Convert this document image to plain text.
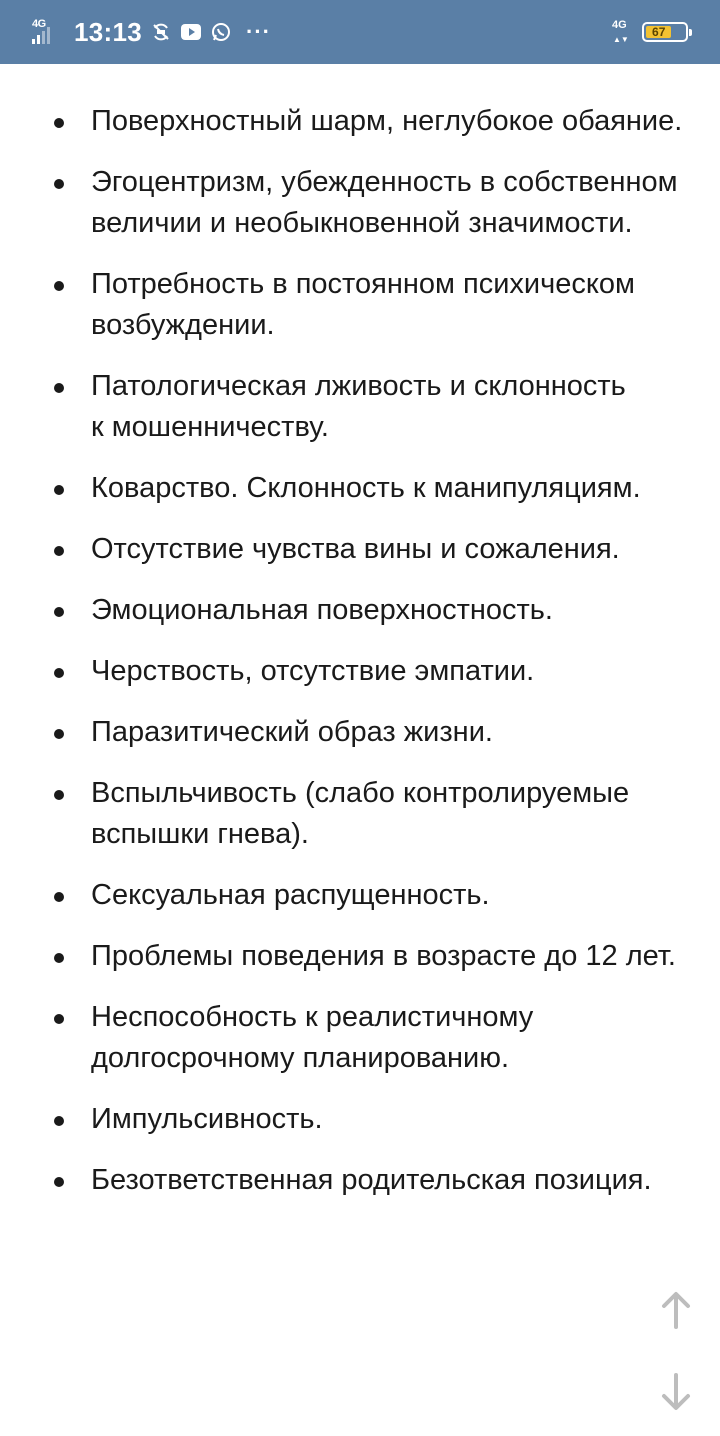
4G 13:13	···	4G
▲▼
67
Поверхностный шарм, неглубокое обаяние.
Эгоцентризм, убежденность в собственном величии и необыкновенной значимости.
Потребность в постоянном психическом возбуждении.
Патологическая лживость и склонность к мошенничеству.
Коварство. Склонность к манипуляциям.
Отсутствие чувства вины и сожаления.
Эмоциональная поверхностность.
Черствость, отсутствие эмпатии.
Паразитический образ жизни.
Вспыльчивость (слабо контролируемые вспышки гнева).
Сексуальная распущенность.
Проблемы поведения в возрасте до 12 лет.
Неспособность к реалистичному долгосрочному планированию.
Импульсивность.
Безответственная родительская позиция.
